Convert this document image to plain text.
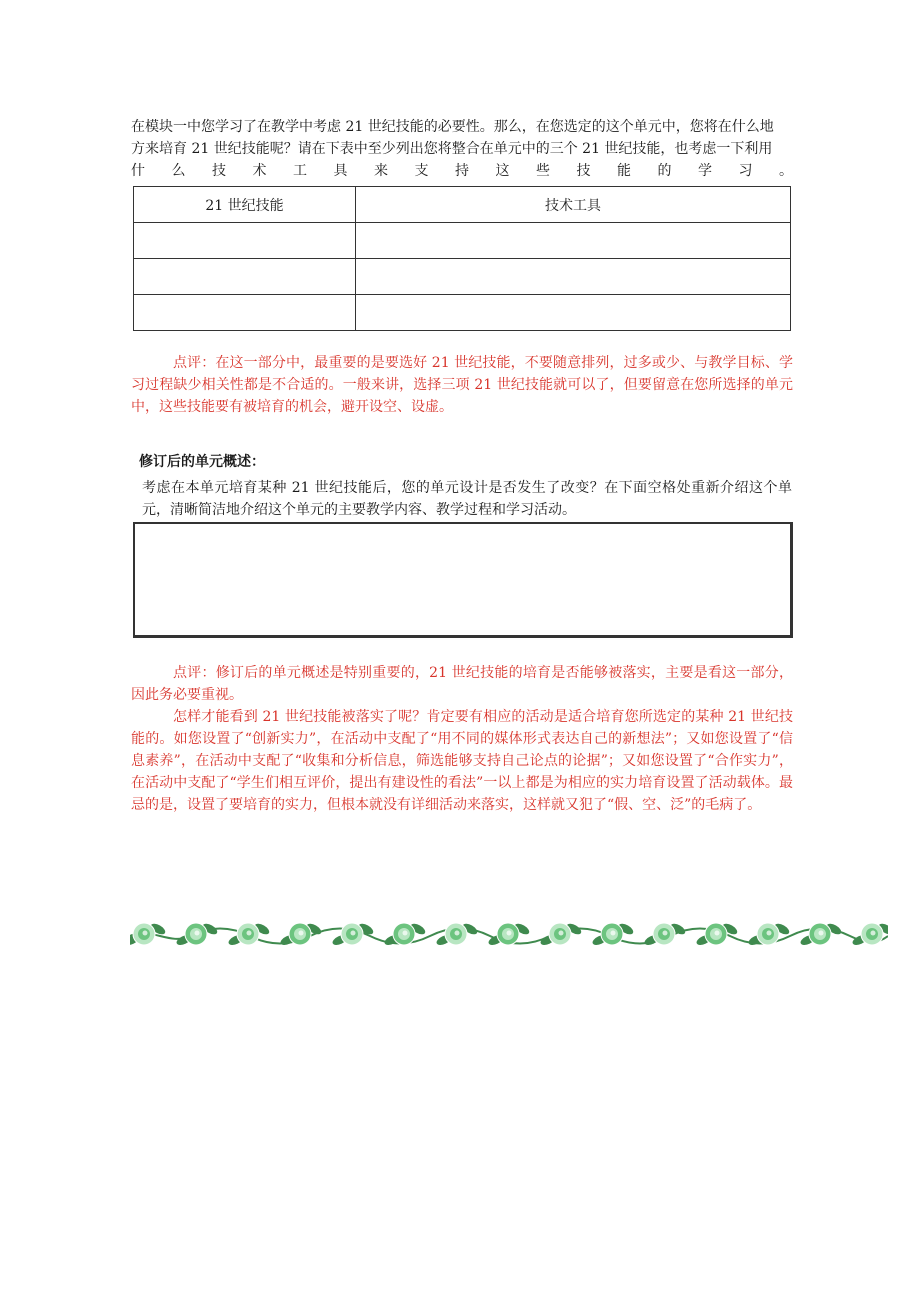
在模块一中您学习了在教学中考虑 21 世纪技能的必要性。那么，在您选定的这个单元中，您将在什么地
方来培育 21 世纪技能呢？请在下表中至少列出您将整合在单元中的三个 21 世纪技能，也考虑一下利用
什 么 技 术 工 具 来 支 持 这 些 技 能 的 学 习 。
21 世纪技能	技术工具

点评：在这一部分中，最重要的是要选好 21 世纪技能，不要随意排列，过多或少、与教学目标、学习过程缺少相关性都是不合适的。一般来讲，选择三项 21 世纪技能就可以了，但要留意在您所选择的单元中，这些技能要有被培育的机会，避开设空、设虚。

修订后的单元概述：

考虑在本单元培育某种 21 世纪技能后，您的单元设计是否发生了改变？在下面空格处重新介绍这个单元，清晰简洁地介绍这个单元的主要教学内容、教学过程和学习活动。

点评：修订后的单元概述是特别重要的，21 世纪技能的培育是否能够被落实，主要是看这一部分，因此务必要重视。
怎样才能看到 21 世纪技能被落实了呢？肯定要有相应的活动是适合培育您所选定的某种 21 世纪技能的。如您设置了“创新实力”，在活动中支配了“用不同的媒体形式表达自己的新想法”；又如您设置了“信息素养”，在活动中支配了“收集和分析信息，筛选能够支持自己论点的论据”；又如您设置了“合作实力”，在活动中支配了“学生们相互评价，提出有建设性的看法”一以上都是为相应的实力培育设置了活动载体。最忌的是，设置了要培育的实力，但根本就没有详细活动来落实，这样就又犯了“假、空、泛”的毛病了。
